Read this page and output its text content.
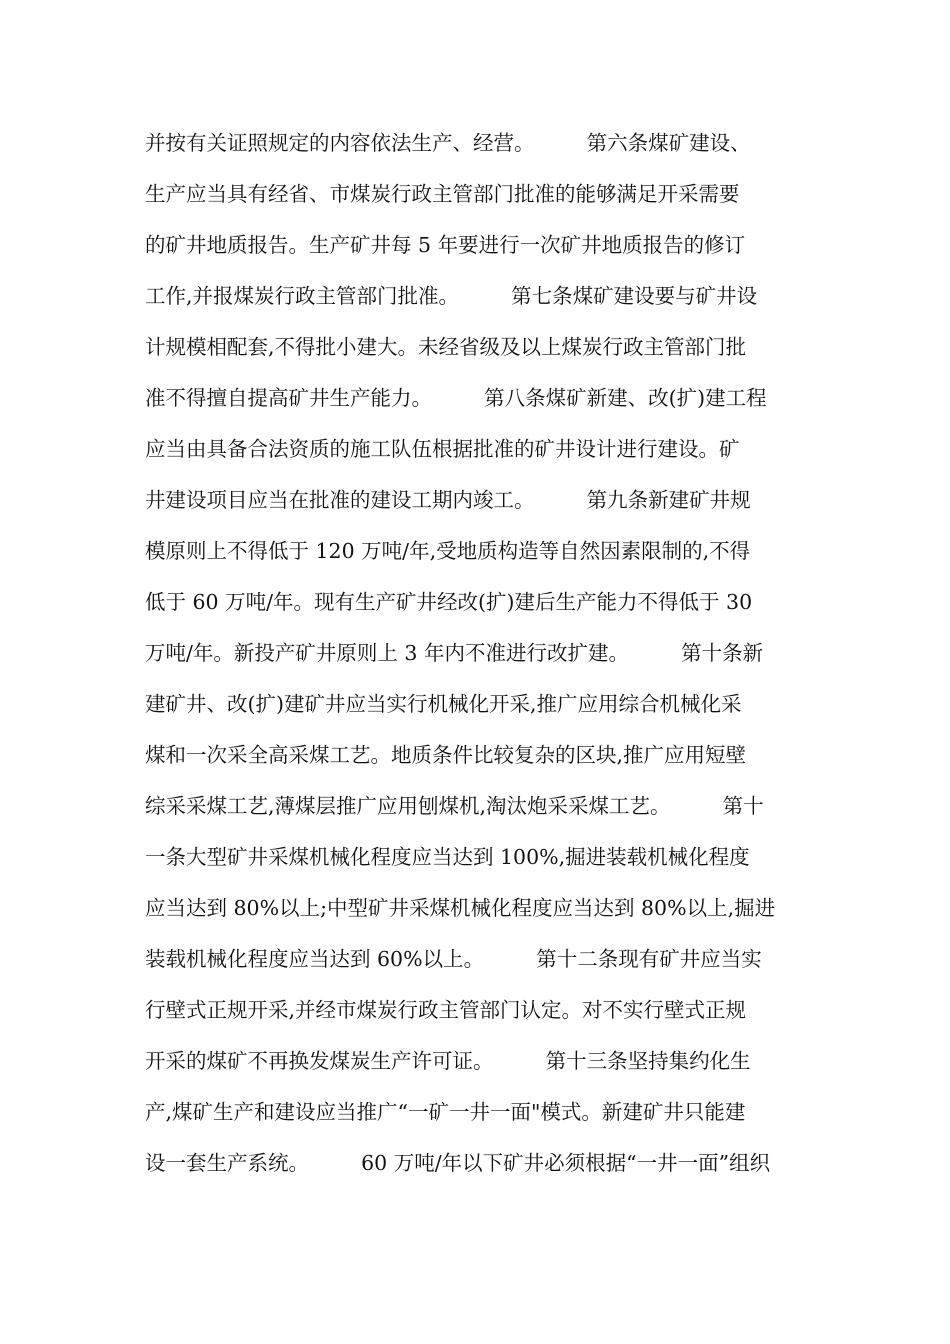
并按有关证照规定的内容依法生产、经营。        第六条煤矿建设、
生产应当具有经省、市煤炭行政主管部门批准的能够满足开采需要
的矿井地质报告。生产矿井每 5 年要进行一次矿井地质报告的修订
工作,并报煤炭行政主管部门批准。        第七条煤矿建设要与矿井设
计规模相配套,不得批小建大。未经省级及以上煤炭行政主管部门批
准不得擅自提高矿井生产能力。        第八条煤矿新建、改(扩)建工程
应当由具备合法资质的施工队伍根据批准的矿井设计进行建设。矿
井建设项目应当在批准的建设工期内竣工。        第九条新建矿井规
模原则上不得低于 120 万吨/年,受地质构造等自然因素限制的,不得
低于 60 万吨/年。现有生产矿井经改(扩)建后生产能力不得低于 30
万吨/年。新投产矿井原则上 3 年内不准进行改扩建。        第十条新
建矿井、改(扩)建矿井应当实行机械化开采,推广应用综合机械化采
煤和一次采全高采煤工艺。地质条件比较复杂的区块,推广应用短壁
综采采煤工艺,薄煤层推广应用刨煤机,淘汰炮采采煤工艺。        第十
一条大型矿井采煤机械化程度应当达到 100%,掘进装载机械化程度
应当达到 80%以上;中型矿井采煤机械化程度应当达到 80%以上,掘进
装载机械化程度应当达到 60%以上。        第十二条现有矿井应当实
行壁式正规开采,并经市煤炭行政主管部门认定。对不实行壁式正规
开采的煤矿不再换发煤炭生产许可证。        第十三条坚持集约化生
产,煤矿生产和建设应当推广“一矿一井一面"模式。新建矿井只能建
设一套生产系统。        60 万吨/年以下矿井必须根据“一井一面”组织
